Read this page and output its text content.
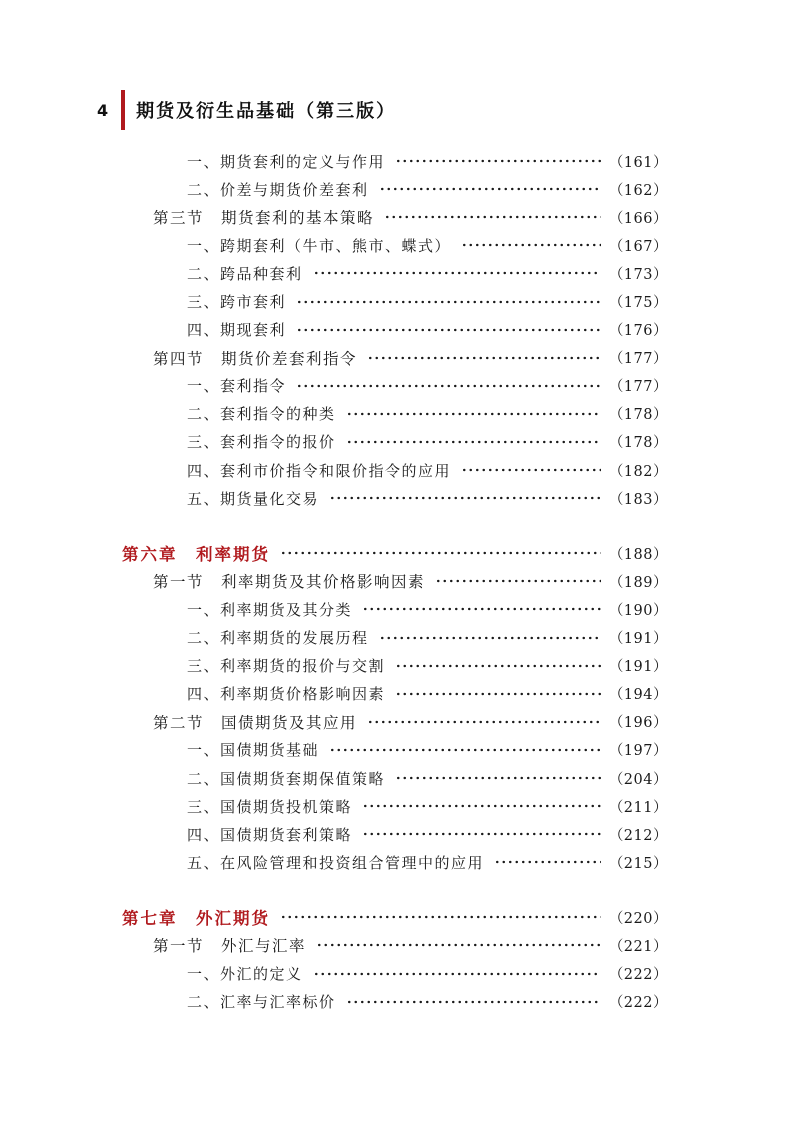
4 期货及衍生品基础（第三版）
一、期货套利的定义与作用	（161）
二、价差与期货价差套利	（162）
第三节　期货套利的基本策略	（166）
一、跨期套利（牛市、熊市、蝶式）	（167）
二、跨品种套利	（173）
三、跨市套利	（175）
四、期现套利	（176）
第四节　期货价差套利指令	（177）
一、套利指令	（177）
二、套利指令的种类	（178）
三、套利指令的报价	（178）
四、套利市价指令和限价指令的应用	（182）
五、期货量化交易	（183）
第六章　利率期货	（188）
第一节　利率期货及其价格影响因素	（189）
一、利率期货及其分类	（190）
二、利率期货的发展历程	（191）
三、利率期货的报价与交割	（191）
四、利率期货价格影响因素	（194）
第二节　国债期货及其应用	（196）
一、国债期货基础	（197）
二、国债期货套期保值策略	（204）
三、国债期货投机策略	（211）
四、国债期货套利策略	（212）
五、在风险管理和投资组合管理中的应用	（215）
第七章　外汇期货	（220）
第一节　外汇与汇率	（221）
一、外汇的定义	（222）
二、汇率与汇率标价	（222）
